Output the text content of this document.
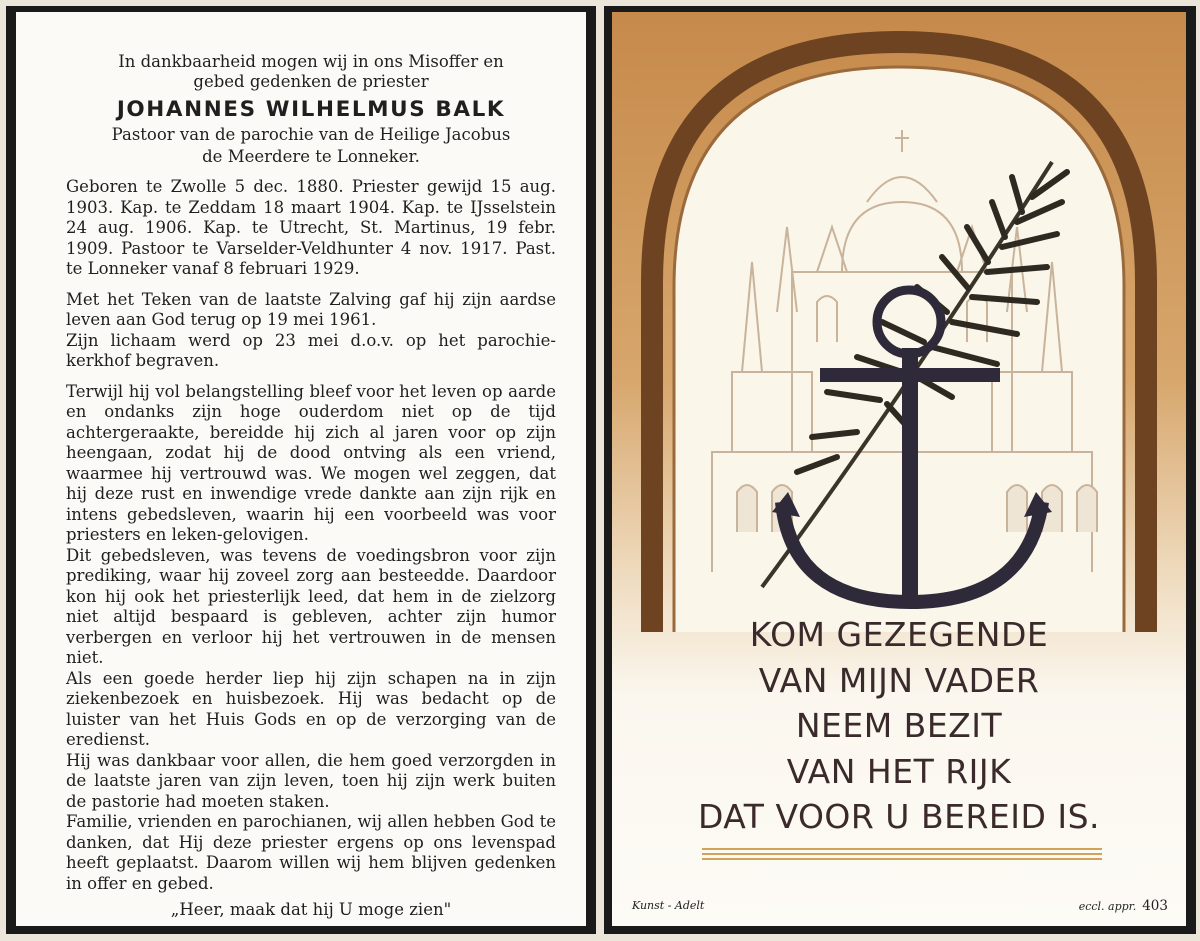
In dankbaarheid mogen wij in ons Misoffer en

gebed gedenken de priester

JOHANNES WILHELMUS BALK

Pastoor van de parochie van de Heilige Jacobus

de Meerdere te Lonneker.

Geboren te Zwolle 5 dec. 1880. Priester gewijd 15 aug. 1903. Kap. te Zeddam 18 maart 1904. Kap. te IJsselstein 24 aug. 1906. Kap. te Utrecht, St. Martinus, 19 febr. 1909. Pastoor te Varselder-Veldhunter 4 nov. 1917. Past. te Lonneker vanaf 8 februari 1929.

Met het Teken van de laatste Zalving gaf hij zijn aardse leven aan God terug op 19 mei 1961.

Zijn lichaam werd op 23 mei d.o.v. op het parochie-kerkhof begraven.

Terwijl hij vol belangstelling bleef voor het leven op aarde en ondanks zijn hoge ouderdom niet op de tijd achtergeraakte, bereidde hij zich al jaren voor op zijn heengaan, zodat hij de dood ontving als een vriend, waarmee hij vertrouwd was. We mogen wel zeggen, dat hij deze rust en inwendige vrede dankte aan zijn rijk en intens gebedsleven, waarin hij een voorbeeld was voor priesters en leken-gelovigen.

Dit gebedsleven, was tevens de voedingsbron voor zijn prediking, waar hij zoveel zorg aan besteedde. Daardoor kon hij ook het priesterlijk leed, dat hem in de zielzorg niet altijd bespaard is gebleven, achter zijn humor verbergen en verloor hij het vertrouwen in de mensen niet.

Als een goede herder liep hij zijn schapen na in zijn ziekenbezoek en huisbezoek. Hij was bedacht op de luister van het Huis Gods en op de verzorging van de eredienst.

Hij was dankbaar voor allen, die hem goed verzorgden in de laatste jaren van zijn leven, toen hij zijn werk buiten de pastorie had moeten staken.

Familie, vrienden en parochianen, wij allen hebben God te danken, dat Hij deze priester ergens op ons levenspad heeft geplaatst. Daarom willen wij hem blijven gedenken in offer en gebed.

„Heer, maak dat hij U moge zien"

KOM GEZEGENDE
VAN MIJN VADER
NEEM BEZIT
VAN HET RIJK
DAT VOOR U BEREID IS.
Kunst - Adelt	eccl. appr. 403
